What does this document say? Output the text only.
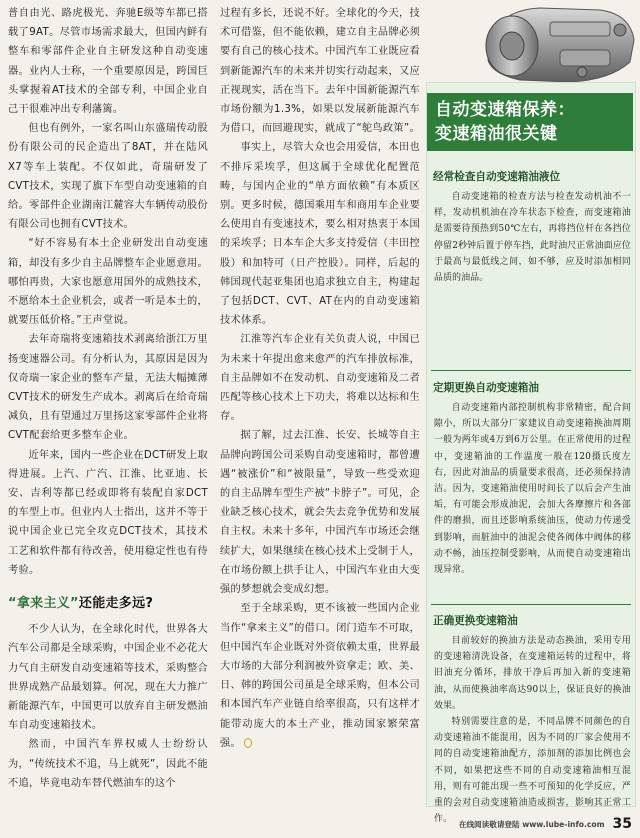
普自由光、路虎极光、奔驰E级等车都已搭载了9AT。尽管市场需求最大，但国内鲜有整车和零部件企业自主研发这种自动变速器。业内人士称，一个重要原因是，跨国巨头掌握着AT技术的全部专利，中国企业自己干很难冲出专利藩篱。

但也有例外，一家名叫山东盛瑞传动股份有限公司的民企造出了8AT，并在陆风X7等车上装配。不仅如此，奇瑞研发了CVT技术，实现了旗下车型自动变速箱的自给。零部件企业湖南江麓容大车辆传动股份有限公司也拥有CVT技术。

“好不容易有本土企业研发出自动变速箱，却没有多少自主品牌整车企业愿意用。哪怕再贵，大家也愿意用国外的成熟技术，不愿给本土企业机会，或者一听是本土的，就要压低价格。”王声堂说。

去年奇瑞将变速箱技术剥离给浙江万里扬变速器公司。有分析认为，其原因是因为仅奇瑞一家企业的整车产量，无法大幅摊薄CVT技术的研发生产成本。剥离后在给奇瑞减负，且有望通过万里扬这家零部件企业将CVT配套给更多整车企业。

近年来，国内一些企业在DCT研发上取得进展。上汽、广汽、江淮、比亚迪、长安、吉利等都已经或即将有装配自家DCT的车型上市。但业内人士指出，这并不等于说中国企业已完全攻克DCT技术，其技术工艺和软件都有待改善，使用稳定性也有待考验。

“拿来主义”还能走多远?

不少人认为，在全球化时代，世界各大汽车公司都是全球采购，中国企业不必花大力气自主研发自动变速箱等技术，采购整合世界成熟产品最划算。何况，现在大力推广新能源汽车，中国更可以放弃自主研发燃油车自动变速箱技术。

然而，中国汽车界权威人士纷纷认为，“传统技术不追，马上就死”，因此不能不追，毕竟电动车替代燃油车的这个

过程有多长，还说不好。全球化的今天，技术可借鉴，但不能依赖，建立自主品牌必须要有自己的核心技术。中国汽车工业既应看到新能源汽车的未来并切实行动起来，又应正视现实，活在当下。去年中国新能源汽车市场份额为1.3%，如果以发展新能源汽车为借口，而回避现实，就成了“鸵鸟政策”。

事实上，尽管大众也会用爱信，本田也不排斥采埃孚，但这属于全球优化配置范畴，与国内企业的“单方面依赖”有本质区别。更多时候，德国乘用车和商用车企业要么使用自有变速技术，要么相对热衷于本国的采埃孚；日本车企大多支持爱信（丰田控股）和加特可（日产控股）。同样，后起的韩国现代起亚集团也追求独立自主，构建起了包括DCT、CVT、AT在内的自动变速箱技术体系。

江淮等汽车企业有关负责人说，中国已为未来十年提出愈来愈严的汽车排放标准，自主品牌如不在发动机、自动变速箱及二者匹配等核心技术上下功夫，将难以达标和生存。

据了解，过去江淮、长安、长城等自主品牌向跨国公司采购自动变速箱时，都曾遭遇“被涨价”和“被限量”，导致一些受欢迎的自主品牌车型生产被“卡脖子”。可见，企业缺乏核心技术，就会失去竞争优势和发展自主权。未来十多年，中国汽车市场还会继续扩大，如果继续在核心技术上受制于人，在市场份额上拱手让人，中国汽车业由大变强的梦想就会变成幻想。

至于全球采购，更不该被一些国内企业当作“拿来主义”的借口。闭门造车不可取，但中国汽车企业既对外资依赖太重，世界最大市场的大部分利润被外资拿走；欧、美、日、韩的跨国公司虽是全球采购，但本公司和本国汽车产业链自给率很高，只有这样才能带动庞大的本土产业，推动国家繁荣富强。

自动变速箱保养：
变速箱油很关键
经常检查自动变速箱油液位

自动变速箱的检查方法与检查发动机油不一样，发动机机油在冷车状态下检查，而变速箱油是需要待预热到50℃左右，再将挡位杆在各挡位停留2秒钟后置于停车挡，此时油尺正常油面应位于最高与最低线之间，如不够，应及时添加相同品质的油品。

定期更换自动变速箱油

自动变速箱内部控制机构非常精密，配合间隙小，所以大部分厂家建议自动变速箱换油周期一般为两年或4万到6万公里。在正常使用的过程中，变速箱油的工作温度一般在120摄氏度左右，因此对油品的质量要求很高，还必须保持清洁。因为，变速箱油使用时间长了以后会产生油垢，有可能会形成油泥，会加大各摩擦片和各部件的磨损，而且还影响系统油压，使动力传递受到影响，而脏油中的油泥会使各阀体中阀体的移动不畅，油压控制受影响，从而使自动变速箱出现异常。

正确更换变速箱油

目前较好的换油方法是动态换油，采用专用的变速箱清洗设备，在变速箱运转的过程中，将旧油充分循环，排放干净后再加入新的变速箱油，从而使换油率高达90以上，保证良好的换油效果。

特别需要注意的是，不同品牌不同颜色的自动变速箱油不能混用，因为不同的厂家会使用不同的自动变速箱油配方，添加剂的添加比例也会不同，如果把这些不同的自动变速箱油相互混用，则有可能出现一些不可预知的化学反应，严重的会对自动变速箱油造成损害，影响其正常工作。 在线阅读敬请登陆 www.lube-info.com 35
